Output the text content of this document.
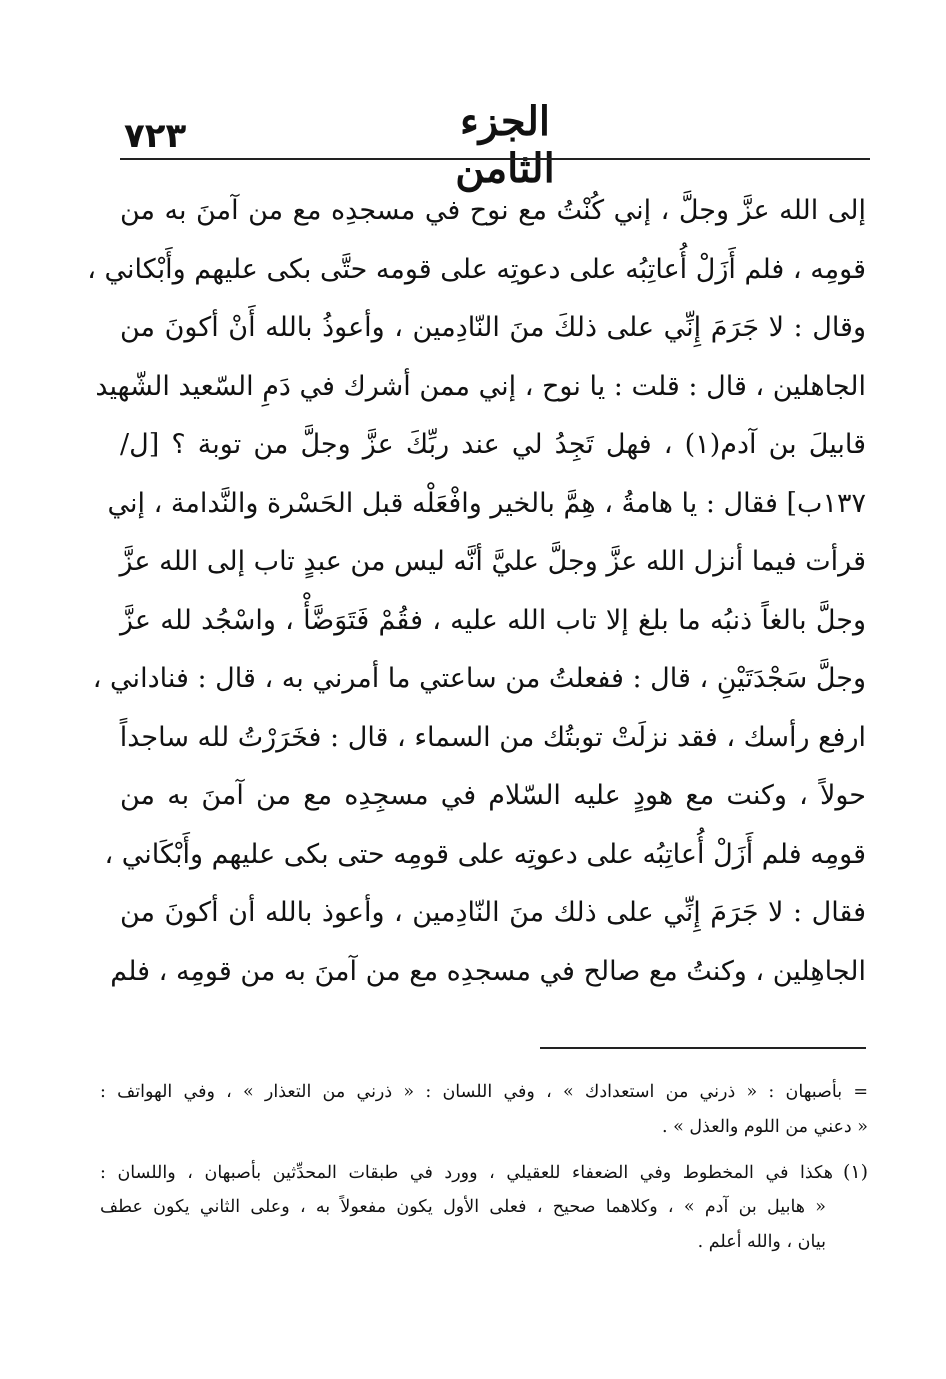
٧٢٣	الجزء الثامن
إلى الله عزَّ وجلَّ ، إني كُنْتُ مع نوح في مسجدِه مع من آمنَ به من
قومِه ، فلم أَزَلْ أُعاتِبُه على دعوتِه على قومه حتَّى بكى عليهم وأَبْكاني ،
وقال : لا جَرَمَ إِنِّي على ذلكَ منَ النّادِمين ، وأعوذُ بالله أَنْ أكونَ من
الجاهلين ، قال : قلت : يا نوح ، إني ممن أشرك في دَمِ السّعيد الشّهيد
قابيلَ بن آدم(١) ، فهل تَجِدُ لي عند ربِّكَ عزَّ وجلَّ من توبة ؟ [ل/
١٣٧ب] فقال : يا هامةُ ، هِمَّ بالخير وافْعَلْه قبل الحَسْرة والنَّدامة ، إني
قرأت فيما أنزل الله عزَّ وجلَّ عليَّ أنَّه ليس من عبدٍ تاب إلى الله عزَّ
وجلَّ بالغاً ذنبُه ما بلغ إلا تاب الله عليه ، فقُمْ فَتَوَضَّأْ ، واسْجُد لله عزَّ
وجلَّ سَجْدَتَيْنِ ، قال : ففعلتُ من ساعتي ما أمرني به ، قال : فناداني ،
ارفع رأسك ، فقد نزلَتْ توبتُك من السماء ، قال : فخَرَرْتُ لله ساجداً
حولاً ، وكنت مع هودٍ عليه السّلام في مسجِدِه مع من آمنَ به من
قومِه فلم أَزَلْ أُعاتِبُه على دعوتِه على قومِه حتى بكى عليهم وأَبْكَاني ،
فقال : لا جَرَمَ إِنِّي على ذلك منَ النّادِمين ، وأعوذ بالله أن أكونَ من
الجاهِلين ، وكنتُ مع صالح في مسجدِه مع من آمنَ به من قومِه ، فلم
= بأصبهان : « ذرني من استعدادك » ، وفي اللسان : « ذرني من التعذار » ، وفي الهواتف :
« دعني من اللوم والعذل » .
(١)هكذا في المخطوط وفي الضعفاء للعقيلي ، وورد في طبقات المحدِّثين بأصبهان ، واللسان :
« هابيل بن آدم » ، وكلاهما صحيح ، فعلى الأول يكون مفعولاً به ، وعلى الثاني يكون عطف
بيان ، والله أعلم .
